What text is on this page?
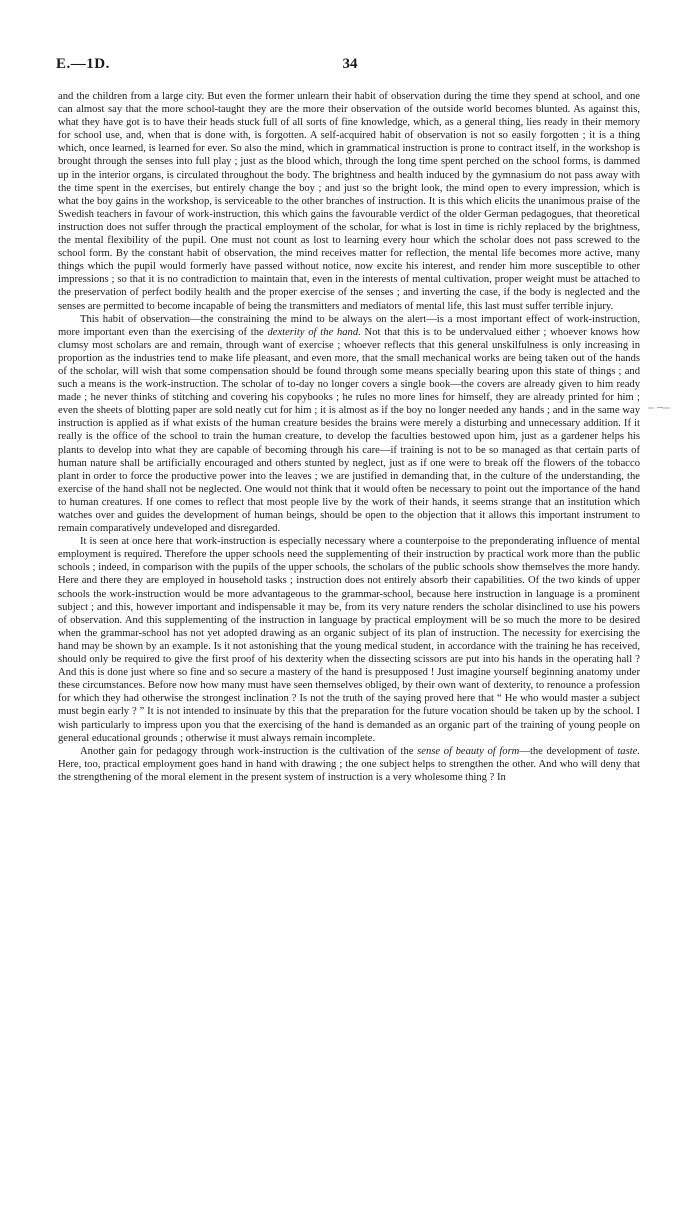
E.—1D.	34

and the children from a large city. But even the former unlearn their habit of observation during the time they spend at school, and one can almost say that the more school-taught they are the more their observation of the outside world becomes blunted. As against this, what they have got is to have their heads stuck full of all sorts of fine knowledge, which, as a general thing, lies ready in their memory for school use, and, when that is done with, is forgotten. A self-acquired habit of observation is not so easily forgotten ; it is a thing which, once learned, is learned for ever. So also the mind, which in grammatical instruction is prone to contract itself, in the workshop is brought through the senses into full play ; just as the blood which, through the long time spent perched on the school forms, is dammed up in the interior organs, is circulated throughout the body. The brightness and health induced by the gymnasium do not pass away with the time spent in the exercises, but entirely change the boy ; and just so the bright look, the mind open to every impression, which is what the boy gains in the workshop, is serviceable to the other branches of instruction. It is this which elicits the unanimous praise of the Swedish teachers in favour of work-instruction, this which gains the favourable verdict of the older German pedagogues, that theoretical instruction does not suffer through the practical employment of the scholar, for what is lost in time is richly replaced by the brightness, the mental flexibility of the pupil. One must not count as lost to learning every hour which the scholar does not pass screwed to the school form. By the constant habit of observation, the mind receives matter for reflection, the mental life becomes more active, many things which the pupil would formerly have passed without notice, now excite his interest, and render him more susceptible to other impressions ; so that it is no contradiction to maintain that, even in the interests of mental cultivation, proper weight must be attached to the preservation of perfect bodily health and the proper exercise of the senses ; and inverting the case, if the body is neglected and the senses are permitted to become incapable of being the transmitters and mediators of mental life, this last must suffer terrible injury.

This habit of observation—the constraining the mind to be always on the alert—is a most important effect of work-instruction, more important even than the exercising of the dexterity of the hand. Not that this is to be undervalued either ; whoever knows how clumsy most scholars are and remain, through want of exercise ; whoever reflects that this general unskilfulness is only increasing in proportion as the industries tend to make life pleasant, and even more, that the small mechanical works are being taken out of the hands of the scholar, will wish that some compensation should be found through some means specially bearing upon this state of things ; and such a means is the work-instruction. The scholar of to-day no longer covers a single book—the covers are already given to him ready made ; he never thinks of stitching and covering his copybooks ; he rules no more lines for himself, they are already printed for him ; even the sheets of blotting paper are sold neatly cut for him ; it is almost as if the boy no longer needed any hands ; and in the same way instruction is applied as if what exists of the human creature besides the brains were merely a disturbing and unnecessary addition. If it really is the office of the school to train the human creature, to develop the faculties bestowed upon him, just as a gardener helps his plants to develop into what they are capable of becoming through his care—if training is not to be so managed as that certain parts of human nature shall be artificially encouraged and others stunted by neglect, just as if one were to break off the flowers of the tobacco plant in order to force the productive power into the leaves ; we are justified in demanding that, in the culture of the understanding, the exercise of the hand shall not be neglected. One would not think that it would often be necessary to point out the importance of the hand to human creatures. If one comes to reflect that most people live by the work of their hands, it seems strange that an institution which watches over and guides the development of human beings, should be open to the objection that it allows this important instrument to remain comparatively undeveloped and disregarded.

It is seen at once here that work-instruction is especially necessary where a counterpoise to the preponderating influence of mental employment is required. Therefore the upper schools need the supplementing of their instruction by practical work more than the public schools ; indeed, in comparison with the pupils of the upper schools, the scholars of the public schools show themselves the more handy. Here and there they are employed in household tasks ; instruction does not entirely absorb their capabilities. Of the two kinds of upper schools the work-instruction would be more advantageous to the grammar-school, because here instruction in language is a prominent subject ; and this, however important and indispensable it may be, from its very nature renders the scholar disinclined to use his powers of observation. And this supplementing of the instruction in language by practical employment will be so much the more to be desired when the grammar-school has not yet adopted drawing as an organic subject of its plan of instruction. The necessity for exercising the hand may be shown by an example. Is it not astonishing that the young medical student, in accordance with the training he has received, should only be required to give the first proof of his dexterity when the dissecting scissors are put into his hands in the operating hall ? And this is done just where so fine and so secure a mastery of the hand is presupposed ! Just imagine yourself beginning anatomy under these circumstances. Before now how many must have seen themselves obliged, by their own want of dexterity, to renounce a profession for which they had otherwise the strongest inclination ? Is not the truth of the saying proved here that “ He who would master a subject must begin early ? ” It is not intended to insinuate by this that the preparation for the future vocation should be taken up by the school. I wish particularly to impress upon you that the exercising of the hand is demanded as an organic part of the training of young people on general educational grounds ; otherwise it must always remain incomplete.

Another gain for pedagogy through work-instruction is the cultivation of the sense of beauty of form—the development of taste. Here, too, practical employment goes hand in hand with drawing ; the one subject helps to strengthen the other. And who will deny that the strengthening of the moral element in the present system of instruction is a very wholesome thing ? In
